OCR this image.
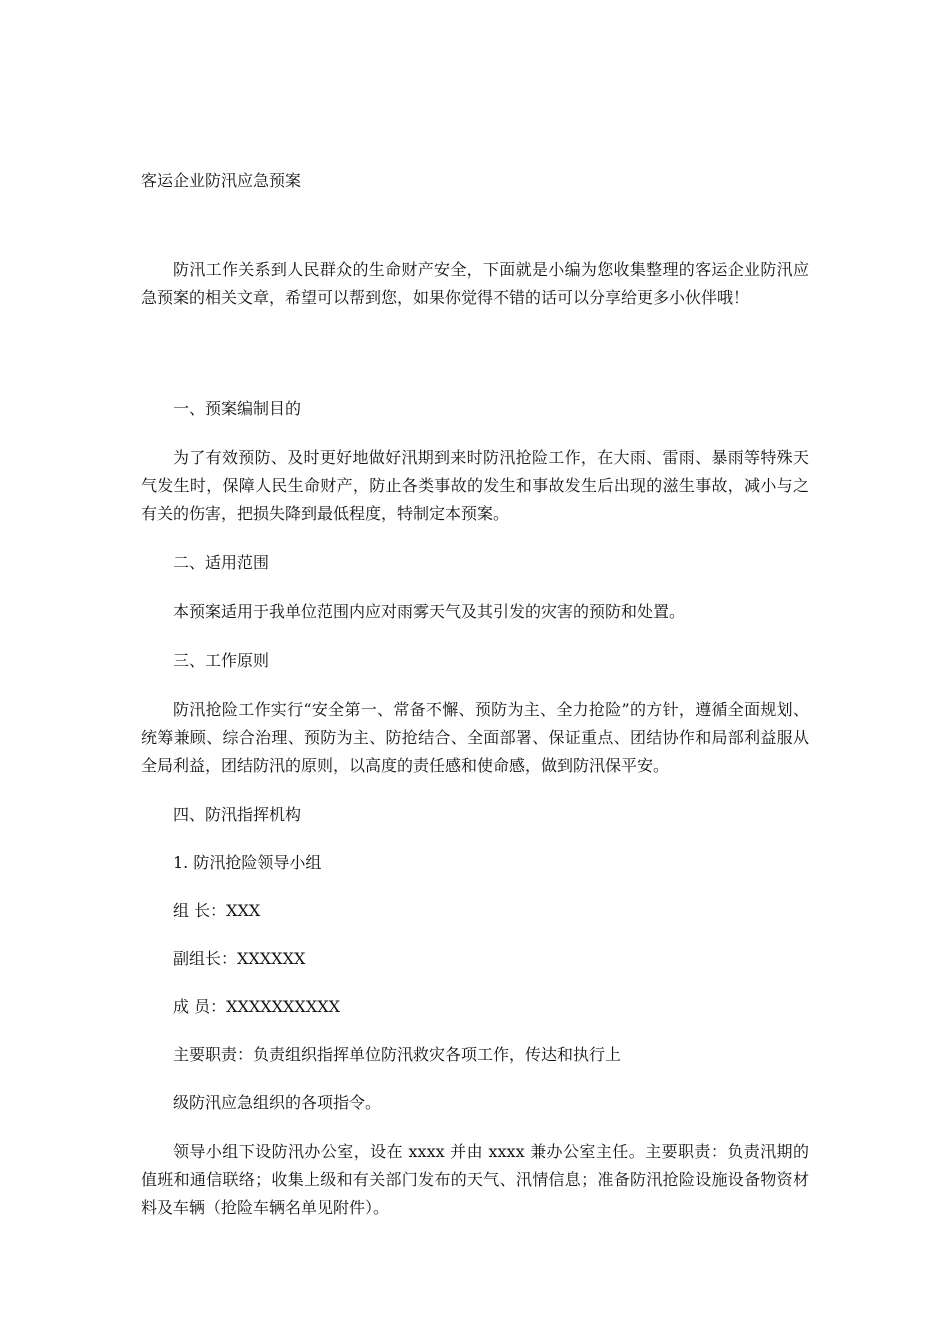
客运企业防汛应急预案

防汛工作关系到人民群众的生命财产安全，下面就是小编为您收集整理的客运企业防汛应急预案的相关文章，希望可以帮到您，如果你觉得不错的话可以分享给更多小伙伴哦！

一、预案编制目的

为了有效预防、及时更好地做好汛期到来时防汛抢险工作，在大雨、雷雨、暴雨等特殊天气发生时，保障人民生命财产，防止各类事故的发生和事故发生后出现的滋生事故，减小与之有关的伤害，把损失降到最低程度，特制定本预案。

二、适用范围

本预案适用于我单位范围内应对雨雾天气及其引发的灾害的预防和处置。

三、工作原则

防汛抢险工作实行“安全第一、常备不懈、预防为主、全力抢险”的方针，遵循全面规划、统筹兼顾、综合治理、预防为主、防抢结合、全面部署、保证重点、团结协作和局部利益服从全局利益，团结防汛的原则，以高度的责任感和使命感，做到防汛保平安。

四、防汛指挥机构

1. 防汛抢险领导小组

组 长：XXX

副组长：XXXXXX

成 员：XXXXXXXXXX

主要职责：负责组织指挥单位防汛救灾各项工作，传达和执行上

级防汛应急组织的各项指令。

领导小组下设防汛办公室，设在 xxxx 并由 xxxx 兼办公室主任。主要职责：负责汛期的值班和通信联络；收集上级和有关部门发布的天气、汛情信息；准备防汛抢险设施设备物资材料及车辆（抢险车辆名单见附件）。
